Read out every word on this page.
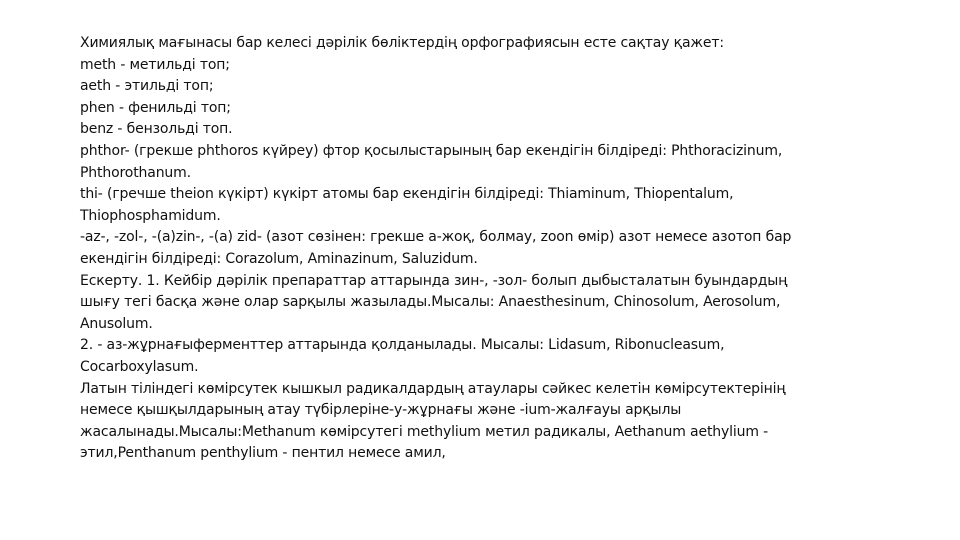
Химиялық мағынасы бар келесі дәрілік бөліктердің орфографиясын есте сақтау қажет:
meth - метильді топ;
aeth - этильді топ;
phen - фенильді топ;
benz - бензольді топ.
phthor- (грекше phthoros күйреу) фтор қосылыстарының бар екендігін білдіреді: Phthoracizinum,
Phthorothanum.
thi- (гречше theion күкірт) күкірт атомы бар екендігін білдіреді: Thiaminum, Thiopentalum,
Thiophosphamidum.
-az-, -zol-, -(a)zin-, -(a) zid- (азот сөзінен: грекше a-жоқ, болмау, zoon өмір) азот немесе азотоп бар
екендігін білдіреді: Corazolum, Aminazinum, Saluzidum.
Ескерту. 1. Кейбір дәрілік препараттар аттарында зин-, -зол- болып дыбысталатын буындардың
шығу тегі басқа және олар sарқылы жазылады.Мысалы: Anaesthesinum, Chinosolum, Aerosolum,
Anusolum.
2. - аз-жұрнағыферменттер аттарында қолданылады. Мысалы: Lidasum, Ribonucleasum,
Cocarboxylasum.
Латын тіліндегі көмірсутек кышкыл радикалдардың атаулары сәйкес келетін көмірсутектерінің
немесе қышқылдарының атау түбірлеріне-у-жұрнағы және -ium-жалғауы арқылы
жасалынады.Мысалы:Methanum көмірсутегі methylium метил радикалы, Aethanum aethylium -
этил,Penthanum penthylium - пентил немесе амил,
